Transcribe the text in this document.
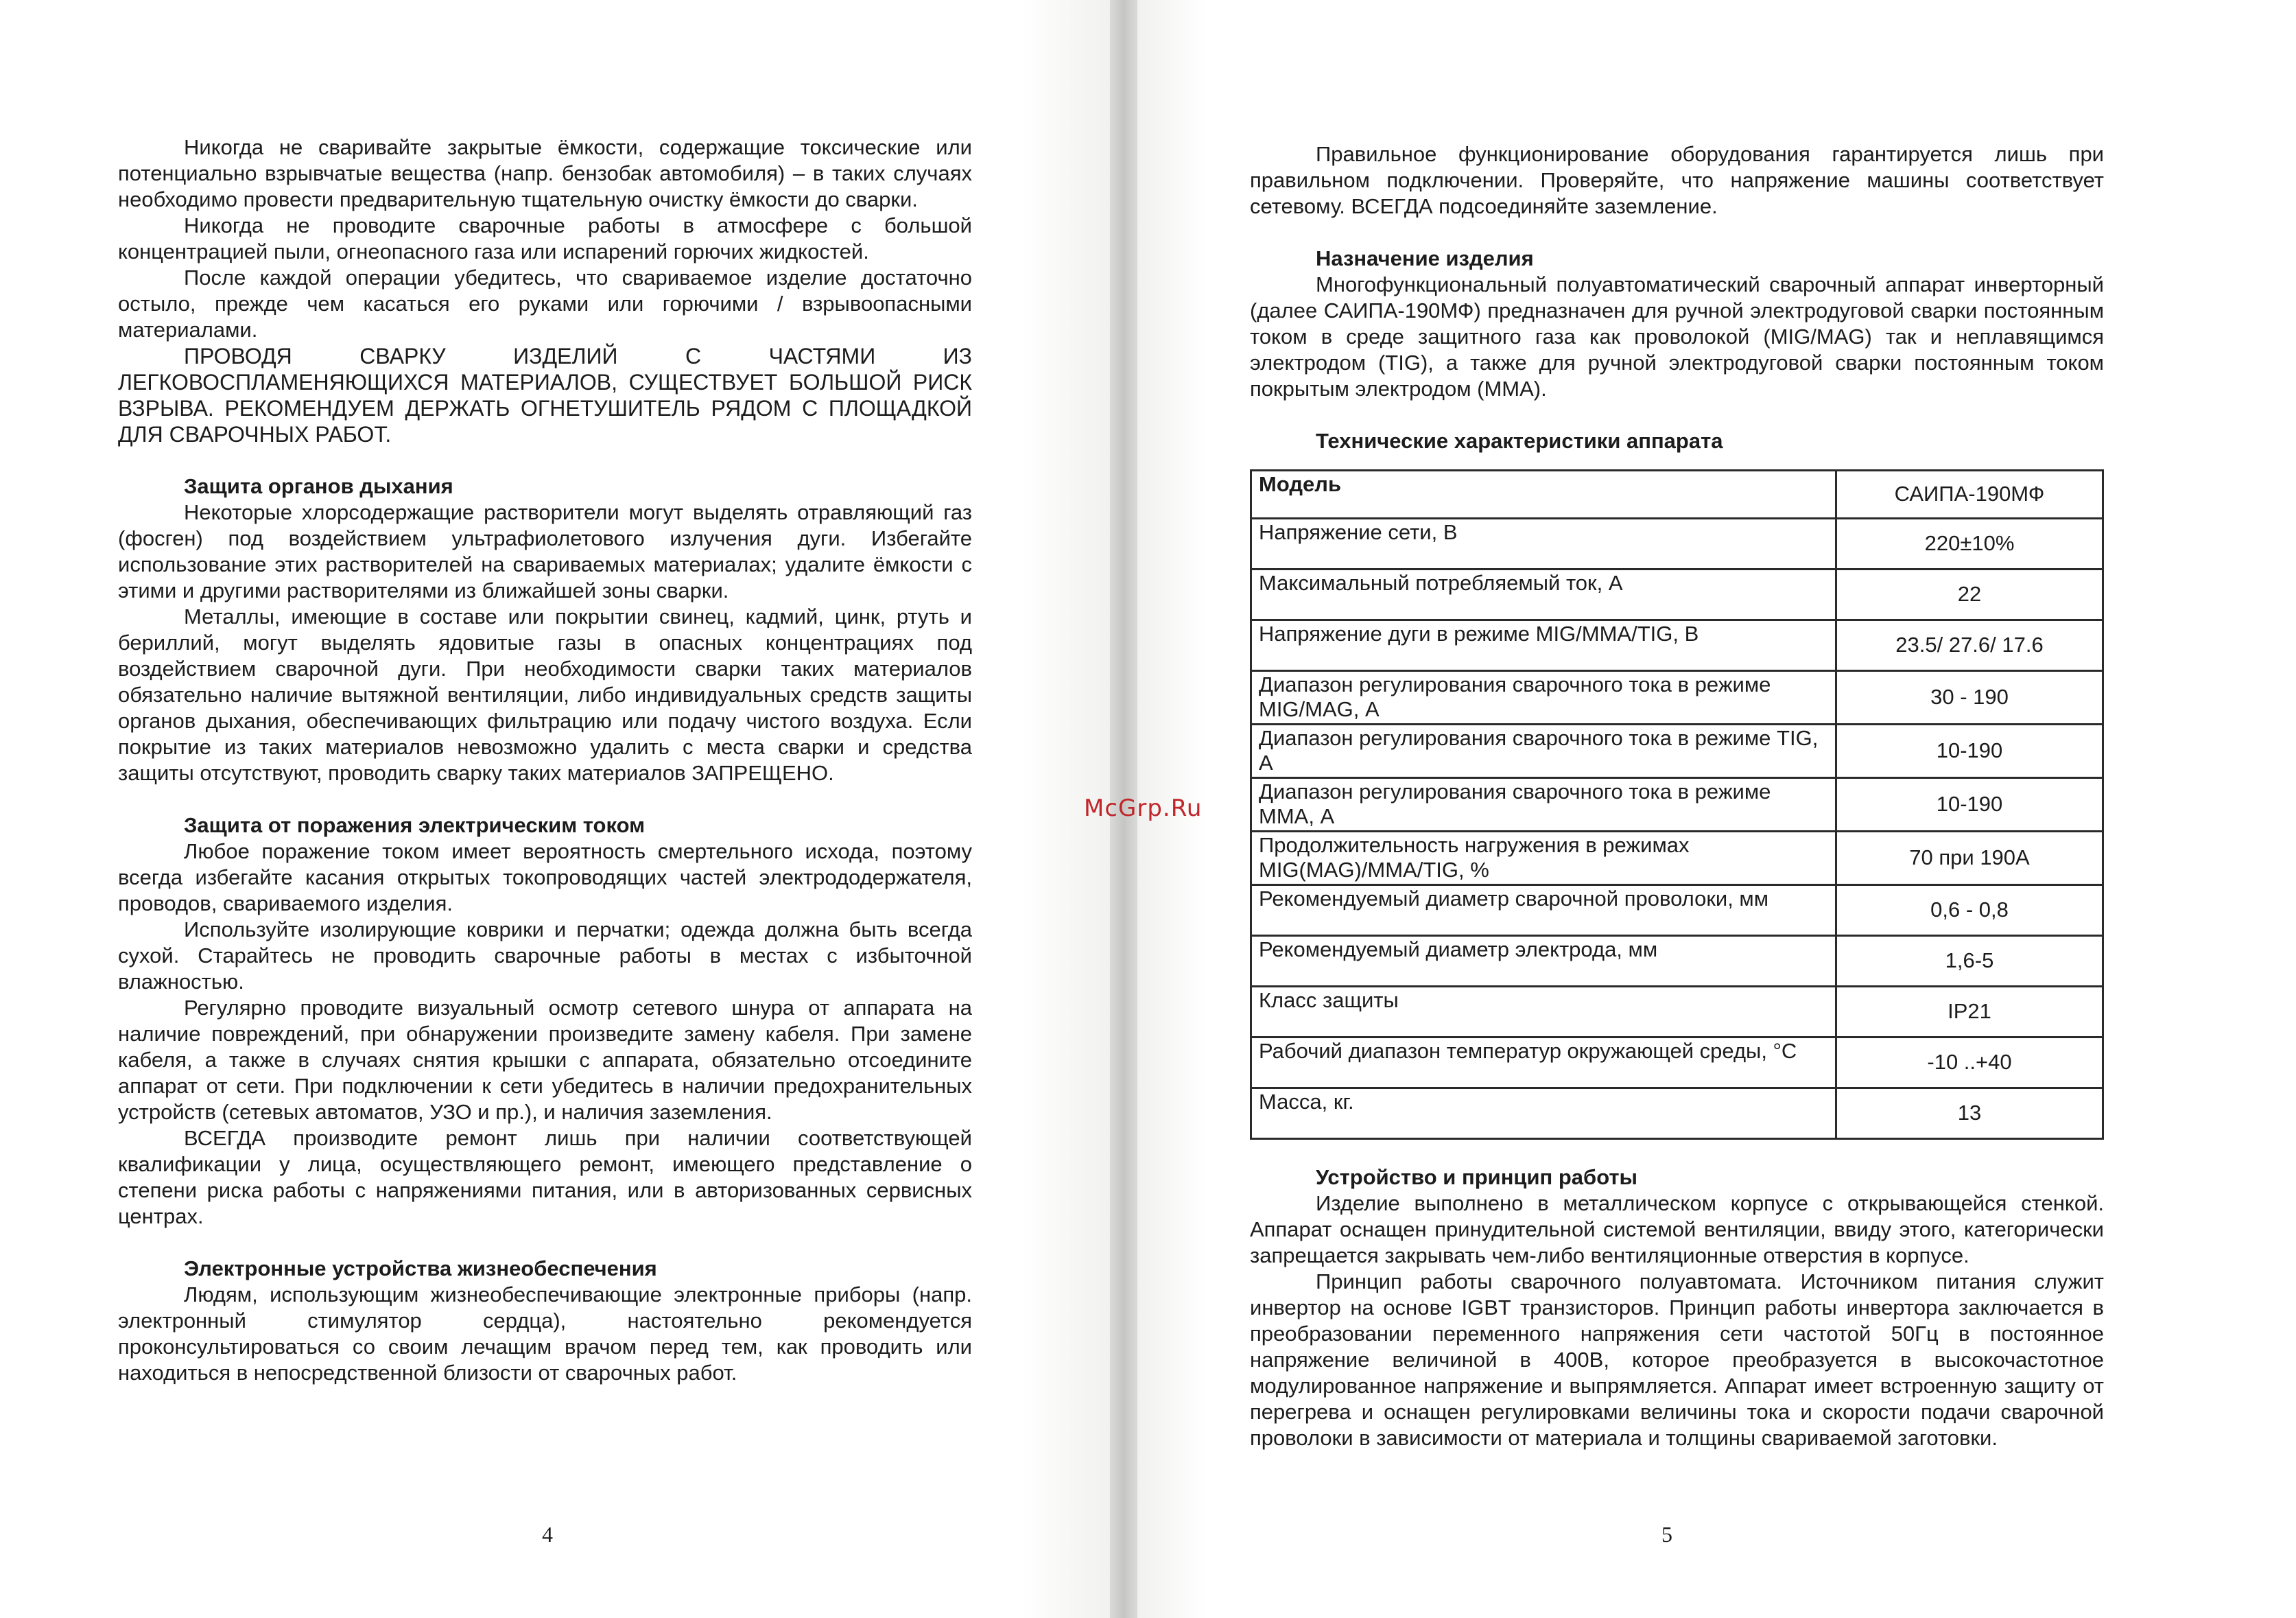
Никогда не сваривайте закрытые ёмкости, содержащие токсические или потенциально взрывчатые вещества (напр. бензобак автомобиля) – в таких случаях необходимо провести предварительную тщательную очистку ёмкости до сварки.

Никогда не проводите сварочные работы в атмосфере с большой концентрацией пыли, огнеопасного газа или испарений горючих жидкостей.

После каждой операции убедитесь, что свариваемое изделие достаточно остыло, прежде чем касаться его руками или горючими / взрывоопасными материалами.

ПРОВОДЯ СВАРКУ ИЗДЕЛИЙ С ЧАСТЯМИ ИЗ ЛЕГКОВОСПЛАМЕНЯЮЩИХСЯ МАТЕРИАЛОВ, СУЩЕСТВУЕТ БОЛЬШОЙ РИСК ВЗРЫВА. РЕКОМЕНДУЕМ ДЕРЖАТЬ ОГНЕТУШИТЕЛЬ РЯДОМ С ПЛОЩАДКОЙ ДЛЯ СВАРОЧНЫХ РАБОТ.

Защита органов дыхания

Некоторые хлорсодержащие растворители могут выделять отравляющий газ (фосген) под воздействием ультрафиолетового излучения дуги. Избегайте использование этих растворителей на свариваемых материалах; удалите ёмкости с этими и другими растворителями из ближайшей зоны сварки.

Металлы, имеющие в составе или покрытии свинец, кадмий, цинк, ртуть и бериллий, могут выделять ядовитые газы в опасных концентрациях под воздействием сварочной дуги. При необходимости сварки таких материалов обязательно наличие вытяжной вентиляции, либо индивидуальных средств защиты органов дыхания, обеспечивающих фильтрацию или подачу чистого воздуха. Если покрытие из таких материалов невозможно удалить с места сварки и средства защиты отсутствуют, проводить сварку таких материалов ЗАПРЕЩЕНО.

Защита от поражения электрическим током

Любое поражение током имеет вероятность смертельного исхода, поэтому всегда избегайте касания открытых токопроводящих частей электрододержателя, проводов, свариваемого изделия.

Используйте изолирующие коврики и перчатки; одежда должна быть всегда сухой. Старайтесь не проводить сварочные работы в местах с избыточной влажностью.

Регулярно проводите визуальный осмотр сетевого шнура от аппарата на наличие повреждений, при обнаружении произведите замену кабеля. При замене кабеля, а также в случаях снятия крышки с аппарата, обязательно отсоедините аппарат от сети. При подключении к сети убедитесь в наличии предохранительных устройств (сетевых автоматов, УЗО и пр.), и наличия заземления.

ВСЕГДА производите ремонт лишь при наличии соответствующей квалификации у лица, осуществляющего ремонт, имеющего представление о степени риска работы с напряжениями питания, или в авторизованных сервисных центрах.

Электронные устройства жизнеобеспечения

Людям, использующим жизнеобеспечивающие электронные приборы (напр. электронный стимулятор сердца), настоятельно рекомендуется проконсультироваться со своим лечащим врачом перед тем, как проводить или находиться в непосредственной близости от сварочных работ.

4
McGrp.Ru

Правильное функционирование оборудования гарантируется лишь при правильном подключении. Проверяйте, что напряжение машины соответствует сетевому. ВСЕГДА подсоединяйте заземление.

Назначение изделия

Многофункциональный полуавтоматический сварочный аппарат инверторный (далее САИПА-190МФ) предназначен для ручной электродуговой сварки постоянным током в среде защитного газа как проволокой (MIG/MAG) так и неплавящимся электродом (TIG), а также для ручной электродуговой сварки постоянным током покрытым электродом (MMA).

Технические характеристики аппарата

Модель	САИПА-190МФ
Напряжение сети, В	220±10%
Максимальный потребляемый ток, А	22
Напряжение дуги в режиме MIG/MMA/TIG, В	23.5/ 27.6/ 17.6
Диапазон регулирования сварочного тока в режиме MIG/MAG, А	30 - 190
Диапазон регулирования сварочного тока в режиме TIG, А	10-190
Диапазон регулирования сварочного тока в режиме MMA, А	10-190
Продолжительность нагружения в режимах MIG(MAG)/MMA/TIG, %	70 при 190А
Рекомендуемый диаметр сварочной проволоки, мм	0,6 - 0,8
Рекомендуемый диаметр электрода, мм	1,6-5
Класс защиты	IP21
Рабочий диапазон температур окружающей среды, °С	-10 ..+40
Масса, кг.	13

Устройство и принцип работы

Изделие выполнено в металлическом корпусе с открывающейся стенкой. Аппарат оснащен принудительной системой вентиляции, ввиду этого, категорически запрещается закрывать чем-либо вентиляционные отверстия в корпусе.

Принцип работы сварочного полуавтомата. Источником питания служит инвертор на основе IGBT транзисторов. Принцип работы инвертора заключается в преобразовании переменного напряжения сети частотой 50Гц в постоянное напряжение величиной в 400В, которое преобразуется в высокочастотное модулированное напряжение и выпрямляется. Аппарат имеет встроенную защиту от перегрева и оснащен регулировками величины тока и скорости подачи сварочной проволоки в зависимости от материала и толщины свариваемой заготовки.

5
